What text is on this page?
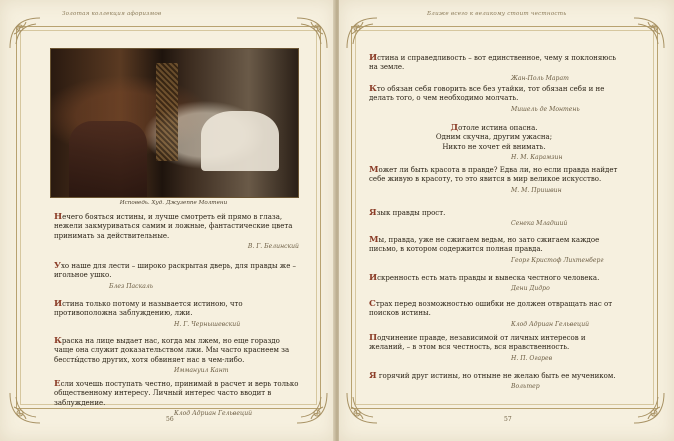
Золотая коллекция афоризмов
Исповедь. Худ. Джузеппе Молтени

Нечего бояться истины, и лучше смотреть ей прямо в глаза, нежели закмуриваться самим и ложные, фантастические цвета принимать за действительные.

В. Г. Белинский

Ухо наше для лести – широко раскрытая дверь, для правды же – игольное ушко.

Блез Паскаль

Истина только потому и называется истиною, что противоположна заблуждению, лжи.

Н. Г. Чернышевский

Краска на лице выдает нас, когда мы лжем, но еще гораздо чаще она служит доказательством лжи. Мы часто краснеем за бессты́дство других, хотя обвиняет нас в чем-либо.

Иммануил Кант

Если хочешь поступать честно, принимай в расчет и верь только общественному интересу. Личный интерес часто вводит в заблуждение.

Клод Адриан Гельвеций
56
Ближе всего к великому стоит честность

Истина и справедливость – вот единственное, чему я поклоняюсь на земле.

Жан-Поль Марат

Кто обязан себя говорить все без утайки, тот обязан себя и не делать того, о чем необходимо молчать.

Мишель де Монтень

Дотоле истина опасна.

Одним скучна, другим ужасна;

Никто не хочет ей внимать.

Н. М. Карамзин

Может ли быть красота в правде? Едва ли, но если правда найдет себе живую в красоту, то это явится в мир великое искусство.

М. М. Пришвин

Язык правды прост.

Сенека Младший

Мы, правда, уже не сжигаем ведьм, но зато сжигаем каждое письмо, в котором содержится полная правда.

Георг Кристоф Лихтенберг

Искренность есть мать правды и вывеска честного человека.

Дени Дидро

Страх перед возможностью ошибки не должен отвращать нас от поисков истины.

Клод Адриан Гельвеций

Подчинение правде, независимой от личных интересов и желаний, – в этом вся честность, вся нравственность.

Н. П. Огарев

Я горячий друг истины, но отныне не желаю быть ее мучеником.

Вольтер
57
